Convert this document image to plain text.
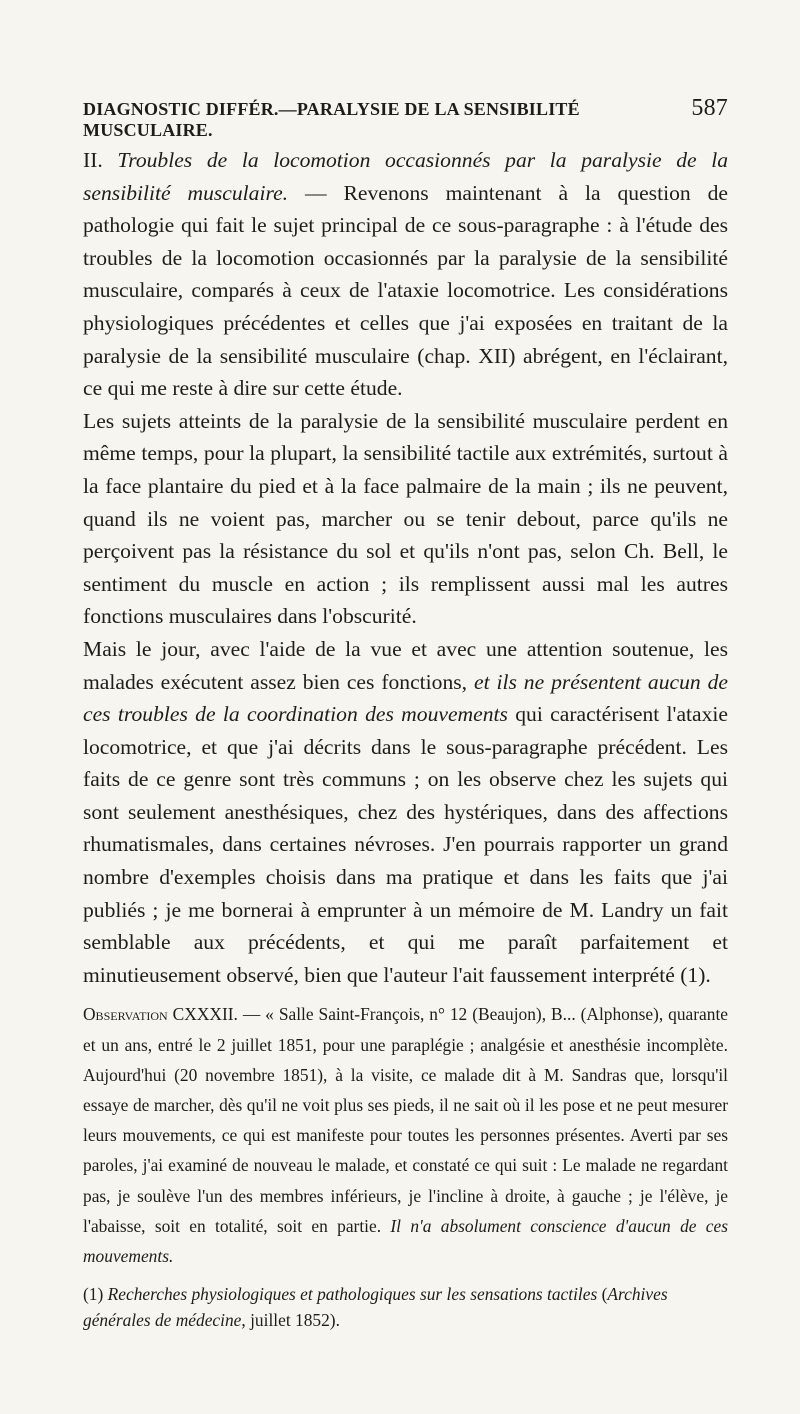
DIAGNOSTIC DIFFÉR.—PARALYSIE DE LA SENSIBILITÉ MUSCULAIRE.
587

II. Troubles de la locomotion occasionnés par la paralysie de la sensibilité musculaire. — Revenons maintenant à la question de pathologie qui fait le sujet principal de ce sous-paragraphe : à l'étude des troubles de la locomotion occasionnés par la paralysie de la sensibilité musculaire, comparés à ceux de l'ataxie locomotrice. Les considérations physiologiques précédentes et celles que j'ai exposées en traitant de la paralysie de la sensibilité musculaire (chap. XII) abrégent, en l'éclairant, ce qui me reste à dire sur cette étude.

Les sujets atteints de la paralysie de la sensibilité musculaire perdent en même temps, pour la plupart, la sensibilité tactile aux extrémités, surtout à la face plantaire du pied et à la face palmaire de la main ; ils ne peuvent, quand ils ne voient pas, marcher ou se tenir debout, parce qu'ils ne perçoivent pas la résistance du sol et qu'ils n'ont pas, selon Ch. Bell, le sentiment du muscle en action ; ils remplissent aussi mal les autres fonctions musculaires dans l'obscurité.

Mais le jour, avec l'aide de la vue et avec une attention soutenue, les malades exécutent assez bien ces fonctions, et ils ne présentent aucun de ces troubles de la coordination des mouvements qui caractérisent l'ataxie locomotrice, et que j'ai décrits dans le sous-paragraphe précédent. Les faits de ce genre sont très communs ; on les observe chez les sujets qui sont seulement anesthésiques, chez des hystériques, dans des affections rhumatismales, dans certaines névroses. J'en pourrais rapporter un grand nombre d'exemples choisis dans ma pratique et dans les faits que j'ai publiés ; je me bornerai à emprunter à un mémoire de M. Landry un fait semblable aux précédents, et qui me paraît parfaitement et minutieusement observé, bien que l'auteur l'ait faussement interprété (1).

Observation CXXXII. — « Salle Saint-François, n° 12 (Beaujon), B... (Alphonse), quarante et un ans, entré le 2 juillet 1851, pour une paraplégie ; analgésie et anesthésie incomplète. Aujourd'hui (20 novembre 1851), à la visite, ce malade dit à M. Sandras que, lorsqu'il essaye de marcher, dès qu'il ne voit plus ses pieds, il ne sait où il les pose et ne peut mesurer leurs mouvements, ce qui est manifeste pour toutes les personnes présentes. Averti par ses paroles, j'ai examiné de nouveau le malade, et constaté ce qui suit : Le malade ne regardant pas, je soulève l'un des membres inférieurs, je l'incline à droite, à gauche ; je l'élève, je l'abaisse, soit en totalité, soit en partie. Il n'a absolument conscience d'aucun de ces mouvements.
(1) Recherches physiologiques et pathologiques sur les sensations tactiles (Archives générales de médecine, juillet 1852).
